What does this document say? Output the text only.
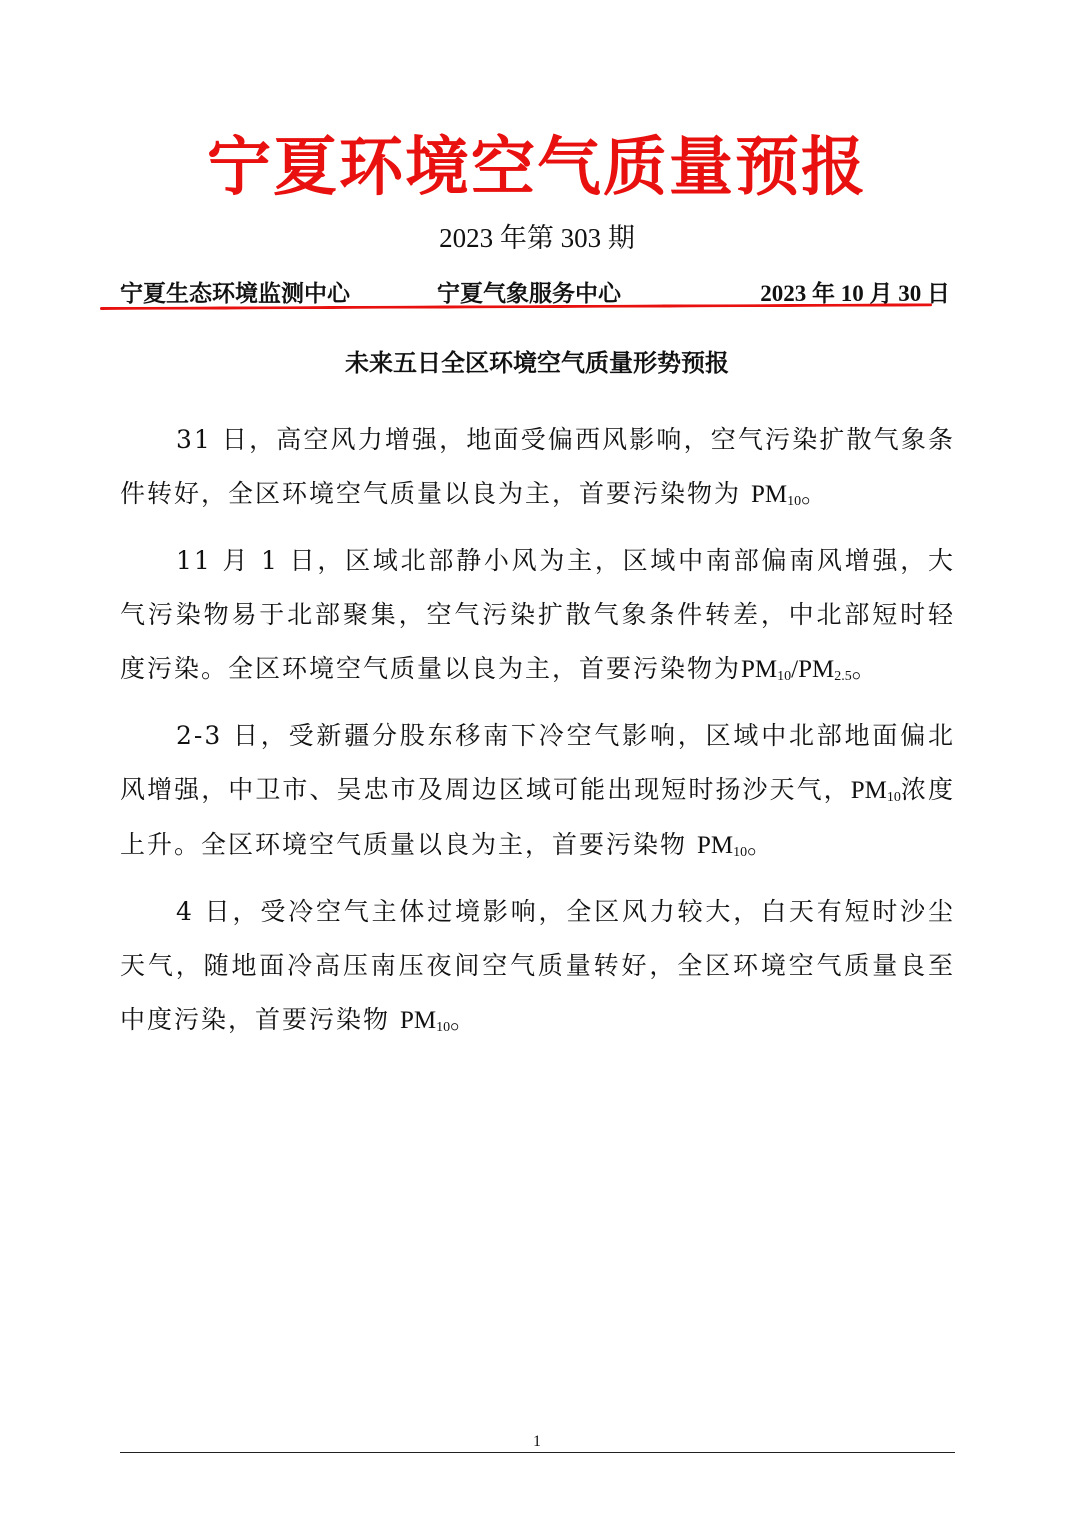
宁夏环境空气质量预报
2023 年第 303 期
宁夏生态环境监测中心	宁夏气象服务中心	2023 年 10 月 30 日
未来五日全区环境空气质量形势预报

31 日，高空风力增强，地面受偏西风影响，空气污染扩散气象条件转好，全区环境空气质量以良为主，首要污染物为 $PM_{10}$。

11 月 1 日，区域北部静小风为主，区域中南部偏南风增强，大气污染物易于北部聚集，空气污染扩散气象条件转差，中北部短时轻度污染。全区环境空气质量以良为主，首要污染物为$PM_{10}/PM_{2.5}$。

2-3 日，受新疆分股东移南下冷空气影响，区域中北部地面偏北风增强，中卫市、吴忠市及周边区域可能出现短时扬沙天气，$PM_{10}$浓度上升。全区环境空气质量以良为主，首要污染物 $PM_{10}$。

4 日，受冷空气主体过境影响，全区风力较大，白天有短时沙尘天气，随地面冷高压南压夜间空气质量转好，全区环境空气质量良至中度污染，首要污染物 $PM_{10}$。

1
